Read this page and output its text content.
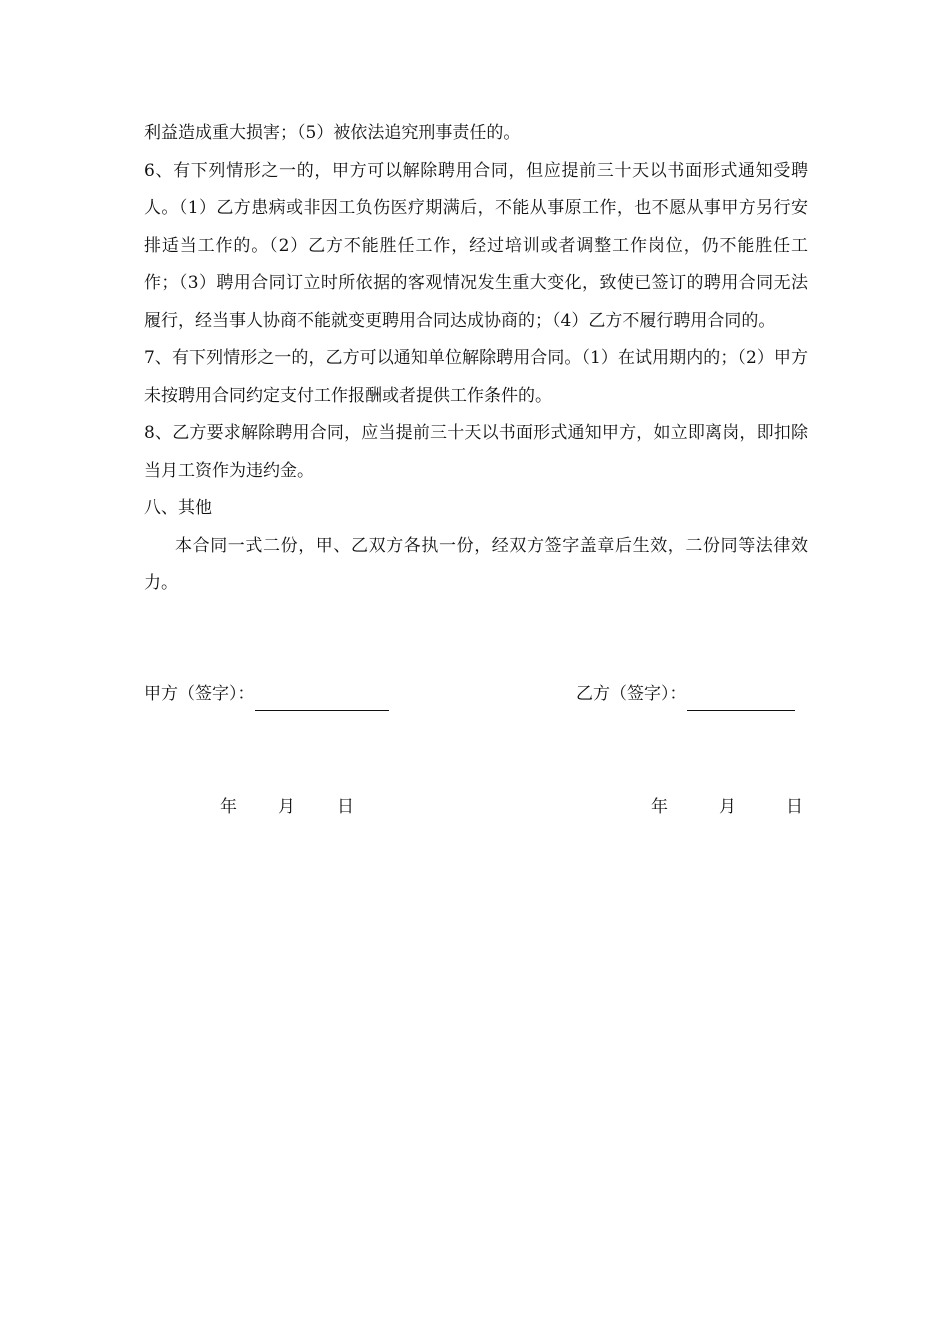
利益造成重大损害；（5）被依法追究刑事责任的。

6、有下列情形之一的，甲方可以解除聘用合同，但应提前三十天以书面形式通知受聘人。（1）乙方患病或非因工负伤医疗期满后，不能从事原工作，也不愿从事甲方另行安排适当工作的。（2）乙方不能胜任工作，经过培训或者调整工作岗位，仍不能胜任工作；（3）聘用合同订立时所依据的客观情况发生重大变化，致使已签订的聘用合同无法履行，经当事人协商不能就变更聘用合同达成协商的；（4）乙方不履行聘用合同的。

7、有下列情形之一的，乙方可以通知单位解除聘用合同。（1）在试用期内的；（2）甲方未按聘用合同约定支付工作报酬或者提供工作条件的。

8、乙方要求解除聘用合同，应当提前三十天以书面形式通知甲方，如立即离岗，即扣除当月工资作为违约金。

八、其他

本合同一式二份，甲、乙双方各执一份，经双方签字盖章后生效，二份同等法律效力。

甲方（签字）：	乙方（签字）：
年 月 日	年	月	日
